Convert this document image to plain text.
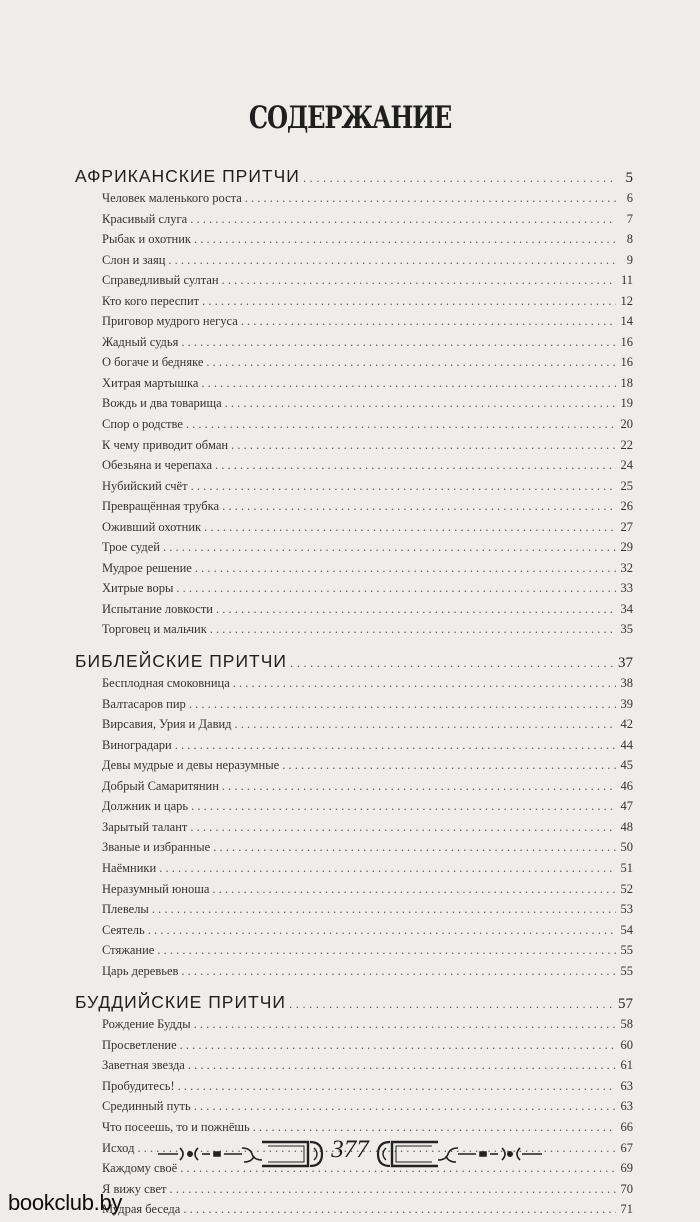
СОДЕРЖАНИЕ
АФРИКАНСКИЕ ПРИТЧИ . . .	5
Человек маленького роста . . .	6
Красивый слуга . . .	7
Рыбак и охотник . . .	8
Слон и заяц . . .	9
Справедливый султан . . .	11
Кто кого переспит . . .	12
Приговор мудрого негуса . . .	14
Жадный судья . . .	16
О богаче и бедняке . . .	16
Хитрая мартышка . . .	18
Вождь и два товарища . . .	19
Спор о родстве . . .	20
К чему приводит обман . . .	22
Обезьяна и черепаха . . .	24
Нубийский счёт . . .	25
Превращённая трубка . . .	26
Оживший охотник . . .	27
Трое судей . . .	29
Мудрое решение . . .	32
Хитрые воры . . .	33
Испытание ловкости . . .	34
Торговец и мальчик . . .	35
БИБЛЕЙСКИЕ ПРИТЧИ . . .	37
Бесплодная смоковница . . .	38
Валтасаров пир . . .	39
Вирсавия, Урия и Давид . . .	42
Виноградари . . .	44
Девы мудрые и девы неразумные . . .	45
Добрый Самаритянин . . .	46
Должник и царь . . .	47
Зарытый талант . . .	48
Званые и избранные . . .	50
Наёмники . . .	51
Неразумный юноша . . .	52
Плевелы . . .	53
Сеятель . . .	54
Стяжание . . .	55
Царь деревьев . . .	55
БУДДИЙСКИЕ ПРИТЧИ . . .	57
Рождение Будды . . .	58
Просветление . . .	60
Заветная звезда . . .	61
Пробудитесь! . . .	63
Срединный путь . . .	63
Что посеешь, то и пожнёшь . . .	66
Исход . . .	67
Каждому своё . . .	69
Я вижу свет . . .	70
Мудрая беседа . . .	71
377
bookclub.by
